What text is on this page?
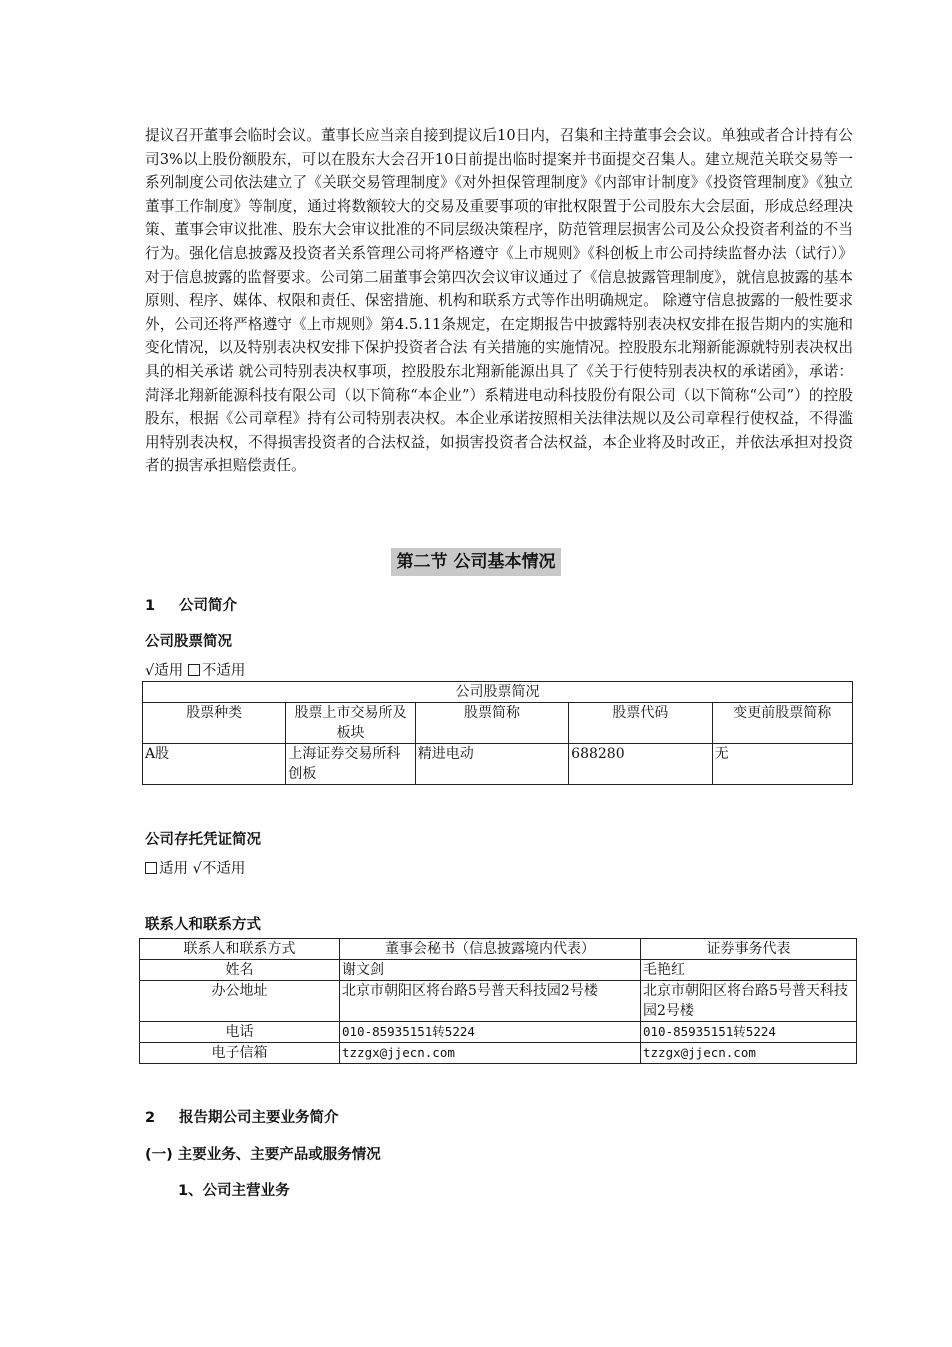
提议召开董事会临时会议。董事长应当亲自接到提议后10日内，召集和主持董事会会议。单独或者合计持有公司3%以上股份额股东，可以在股东大会召开10日前提出临时提案并书面提交召集人。建立规范关联交易等一系列制度公司依法建立了《关联交易管理制度》《对外担保管理制度》《内部审计制度》《投资管理制度》《独立董事工作制度》等制度，通过将数额较大的交易及重要事项的审批权限置于公司股东大会层面，形成总经理决策、董事会审议批准、股东大会审议批准的不同层级决策程序，防范管理层损害公司及公众投资者利益的不当行为。强化信息披露及投资者关系管理公司将严格遵守《上市规则》《科创板上市公司持续监督办法（试行）》对于信息披露的监督要求。公司第二届董事会第四次会议审议通过了《信息披露管理制度》，就信息披露的基本原则、程序、媒体、权限和责任、保密措施、机构和联系方式等作出明确规定。 除遵守信息披露的一般性要求外，公司还将严格遵守《上市规则》第4.5.11条规定，在定期报告中披露特别表决权安排在报告期内的实施和变化情况，以及特别表决权安排下保护投资者合法 有关措施的实施情况。控股股东北翔新能源就特别表决权出具的相关承诺 就公司特别表决权事项，控股股东北翔新能源出具了《关于行使特别表决权的承诺函》，承诺： 菏泽北翔新能源科技有限公司（以下简称“本企业”）系精进电动科技股份有限公司（以下简称“公司”）的控股股东，根据《公司章程》持有公司特别表决权。本企业承诺按照相关法律法规以及公司章程行使权益，不得滥用特别表决权，不得损害投资者的合法权益，如损害投资者合法权益，本企业将及时改正，并依法承担对投资者的损害承担赔偿责任。

第二节 公司基本情况
1 公司简介
公司股票简况
√适用 不适用
公司股票简况				
股票种类	股票上市交易所及板块	股票简称	股票代码	变更前股票简称
A股	上海证券交易所科创板	精进电动	688280	无
公司存托凭证简况
适用 √不适用
联系人和联系方式
联系人和联系方式	董事会秘书（信息披露境内代表）	证券事务代表
姓名	谢文剑	毛艳红
办公地址	北京市朝阳区将台路5号普天科技园2号楼	北京市朝阳区将台路5号普天科技园2号楼
电话	010-85935151转5224	010-85935151转5224
电子信箱	tzzgx@jjecn.com	tzzgx@jjecn.com
2 报告期公司主要业务简介
(一) 主要业务、主要产品或服务情况
1、公司主营业务
